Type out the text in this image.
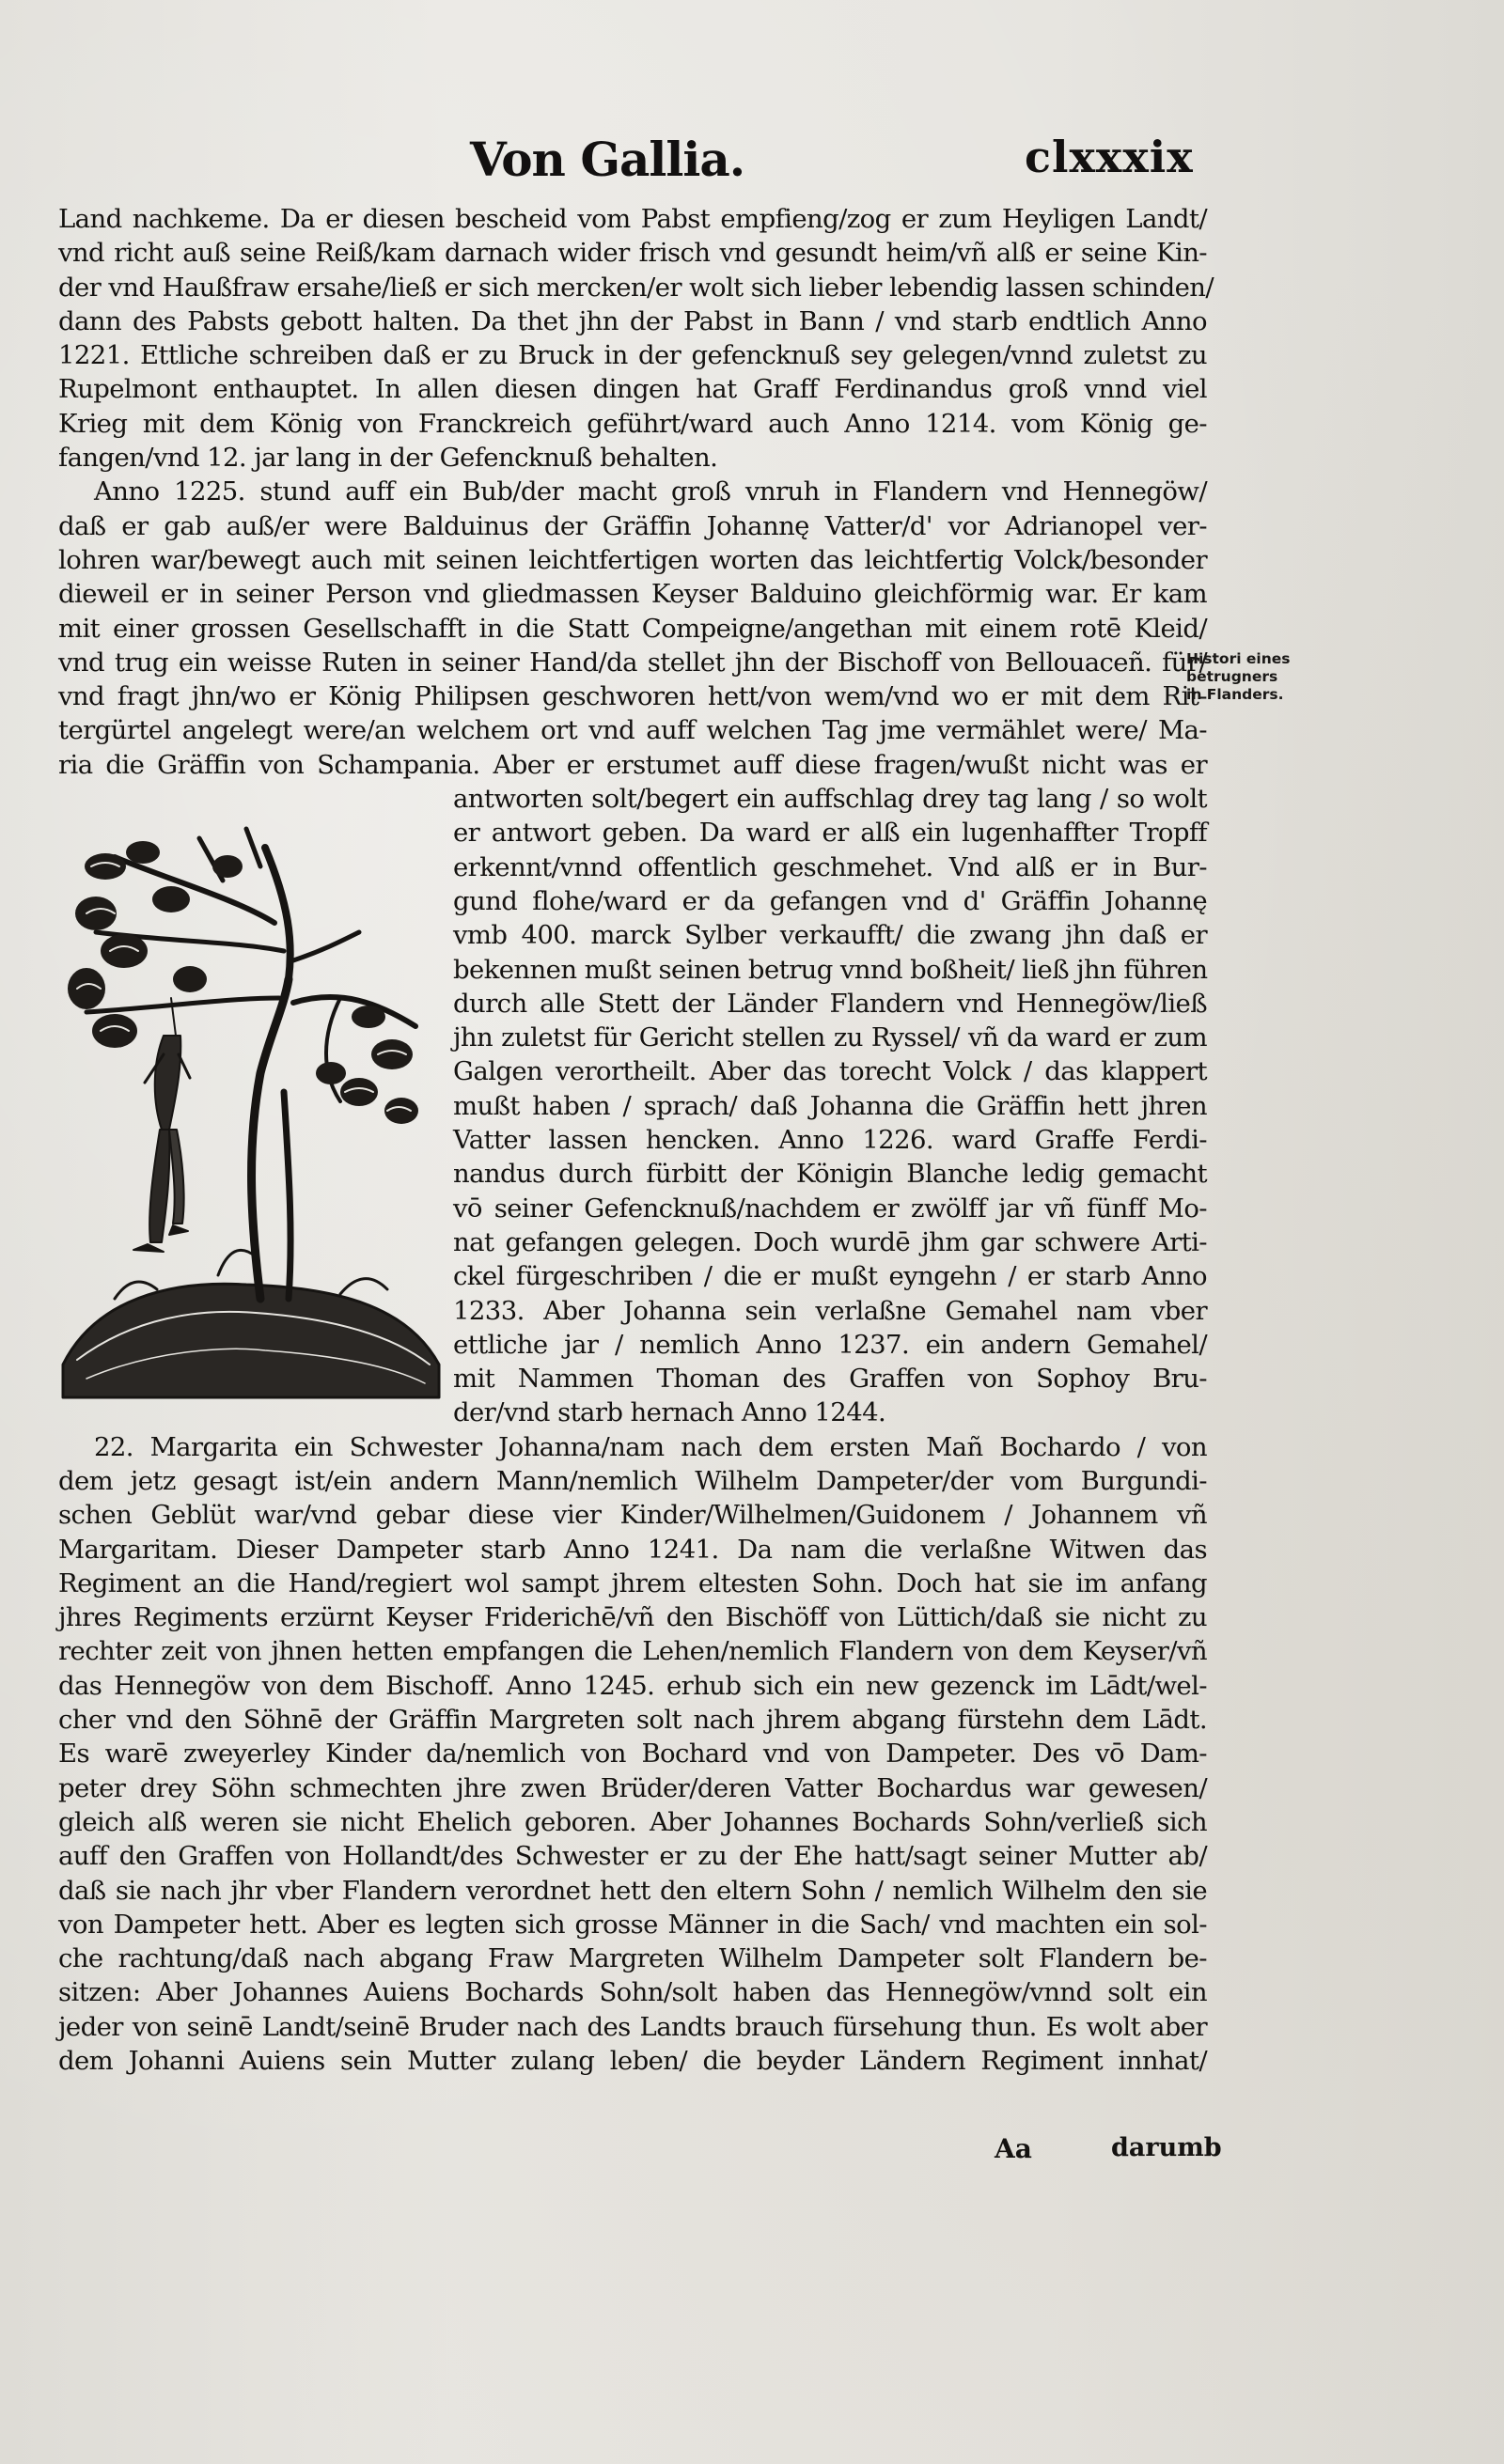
Von Gallia.	clxxxix
Land nachkeme. Da er diesen bescheid vom Pabst empfieng/zog er zum Heyligen Landt/
vnd richt auß seine Reiß/kam darnach wider frisch vnd gesundt heim/vñ alß er seine Kin-
der vnd Haußfraw ersahe/ließ er sich mercken/er wolt sich lieber lebendig lassen schinden/
dann des Pabsts gebott halten. Da thet jhn der Pabst in Bann / vnd starb endtlich Anno
1221. Ettliche schreiben daß er zu Bruck in der gefencknuß sey gelegen/vnnd zuletst zu
Rupelmont enthauptet. In allen diesen dingen hat Graff Ferdinandus groß vnnd viel
Krieg mit dem König von Franckreich geführt/ward auch Anno 1214. vom König ge-
fangen/vnd 12. jar lang in der Gefencknuß behalten.
Anno 1225. stund auff ein Bub/der macht groß vnruh in Flandern vnd Hennegöw/
daß er gab auß/er were Balduinus der Gräffin Johannę Vatter/d' vor Adrianopel ver-
lohren war/bewegt auch mit seinen leichtfertigen worten das leichtfertig Volck/besonder
dieweil er in seiner Person vnd gliedmassen Keyser Balduino gleichförmig war. Er kam
mit einer grossen Gesellschafft in die Statt Compeigne/angethan mit einem rotē Kleid/
vnd trug ein weisse Ruten in seiner Hand/da stellet jhn der Bischoff von Bellouaceñ. für/
vnd fragt jhn/wo er König Philipsen geschworen hett/von wem/vnd wo er mit dem Rit-
tergürtel angelegt were/an welchem ort vnd auff welchen Tag jme vermählet were/ Ma-
ria die Gräffin von Schampania. Aber er erstumet auff diese fragen/wußt nicht was er
antworten solt/begert ein auffschlag drey tag lang / so wolt
er antwort geben. Da ward er alß ein lugenhaffter Tropff
erkennt/vnnd offentlich geschmehet. Vnd alß er in Bur-
gund flohe/ward er da gefangen vnd d' Gräffin Johannę
vmb 400. marck Sylber verkaufft/ die zwang jhn daß er
bekennen mußt seinen betrug vnnd boßheit/ ließ jhn führen
durch alle Stett der Länder Flandern vnd Hennegöw/ließ
jhn zuletst für Gericht stellen zu Ryssel/ vñ da ward er zum
Galgen verortheilt. Aber das torecht Volck / das klappert
mußt haben / sprach/ daß Johanna die Gräffin hett jhren
Vatter lassen hencken. Anno 1226. ward Graffe Ferdi-
nandus durch fürbitt der Königin Blanche ledig gemacht
vō seiner Gefencknuß/nachdem er zwölff jar vñ fünff Mo-
nat gefangen gelegen. Doch wurdē jhm gar schwere Arti-
ckel fürgeschriben / die er mußt eyngehn / er starb Anno
1233. Aber Johanna sein verlaßne Gemahel nam vber
ettliche jar / nemlich Anno 1237. ein andern Gemahel/
mit Nammen Thoman des Graffen von Sophoy Bru-
der/vnd starb hernach Anno 1244.
22. Margarita ein Schwester Johanna/nam nach dem ersten Mañ Bochardo / von
dem jetz gesagt ist/ein andern Mann/nemlich Wilhelm Dampeter/der vom Burgundi-
schen Geblüt war/vnd gebar diese vier Kinder/Wilhelmen/Guidonem / Johannem vñ
Margaritam. Dieser Dampeter starb Anno 1241. Da nam die verlaßne Witwen das
Regiment an die Hand/regiert wol sampt jhrem eltesten Sohn. Doch hat sie im anfang
jhres Regiments erzürnt Keyser Friderichē/vñ den Bischöff von Lüttich/daß sie nicht zu
rechter zeit von jhnen hetten empfangen die Lehen/nemlich Flandern von dem Keyser/vñ
das Hennegöw von dem Bischoff. Anno 1245. erhub sich ein new gezenck im Lādt/wel-
cher vnd den Söhnē der Gräffin Margreten solt nach jhrem abgang fürstehn dem Lādt.
Es warē zweyerley Kinder da/nemlich von Bochard vnd von Dampeter. Des vō Dam-
peter drey Söhn schmechten jhre zwen Brüder/deren Vatter Bochardus war gewesen/
gleich alß weren sie nicht Ehelich geboren. Aber Johannes Bochards Sohn/verließ sich
auff den Graffen von Hollandt/des Schwester er zu der Ehe hatt/sagt seiner Mutter ab/
daß sie nach jhr vber Flandern verordnet hett den eltern Sohn / nemlich Wilhelm den sie
von Dampeter hett. Aber es legten sich grosse Männer in die Sach/ vnd machten ein sol-
che rachtung/daß nach abgang Fraw Margreten Wilhelm Dampeter solt Flandern be-
sitzen: Aber Johannes Auiens Bochards Sohn/solt haben das Hennegöw/vnnd solt ein
jeder von seinē Landt/seinē Bruder nach des Landts brauch fürsehung thun. Es wolt aber
dem Johanni Auiens sein Mutter zulang leben/ die beyder Ländern Regiment innhat/
Histori eines
betrugners
in Flanders.
Aa	darumb
